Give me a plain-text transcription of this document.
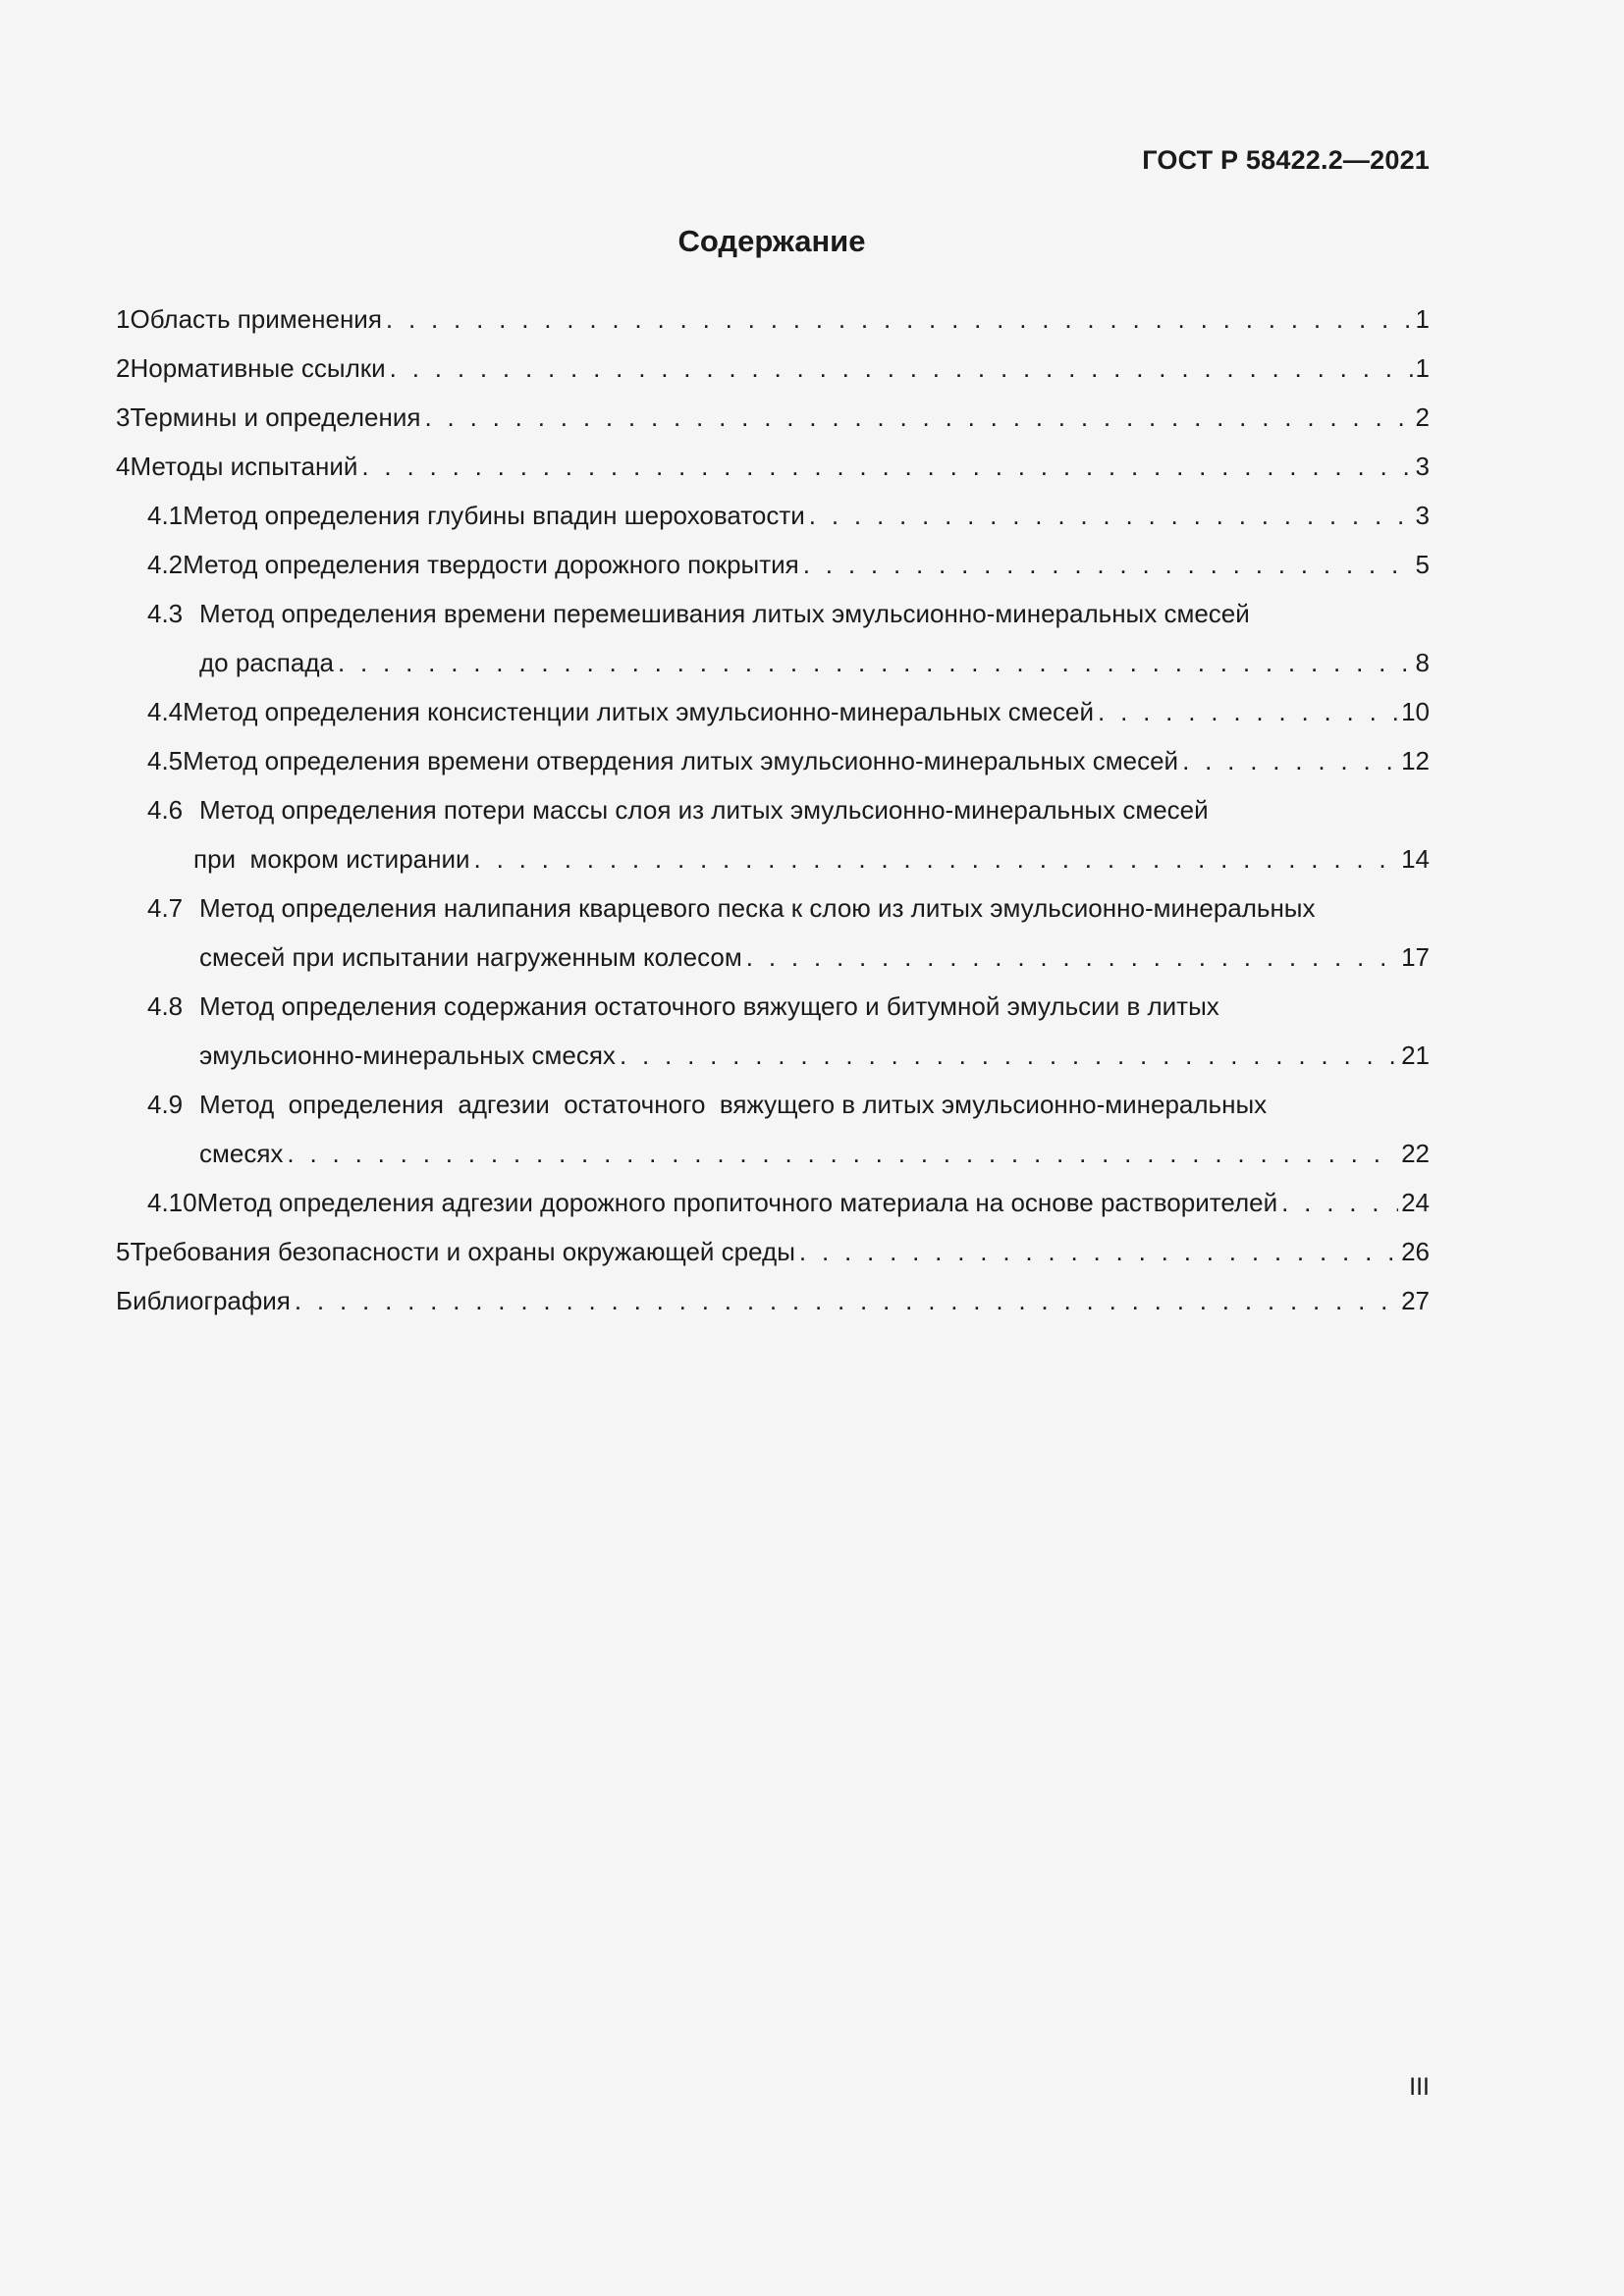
ГОСТ Р 58422.2—2021
Содержание
1 Область применения . . .	1
2 Нормативные ссылки . . .	1
3 Термины и определения . . .	2
4 Методы испытаний . . .	3
4.1 Метод определения глубины впадин шероховатости . . .	3
4.2 Метод определения твердости дорожного покрытия . . .	5
4.3 Метод определения времени перемешивания литых эмульсионно-минеральных смесей
до распада . . .	8
4.4 Метод определения консистенции литых эмульсионно-минеральных смесей . . .	10
4.5 Метод определения времени отвердения литых эмульсионно-минеральных смесей . . .	12
4.6 Метод определения потери массы слоя из литых эмульсионно-минеральных смесей
при  мокром истирании . . .	14
4.7 Метод определения налипания кварцевого песка к слою из литых эмульсионно-минеральных
смесей при испытании нагруженным колесом . . .	17
4.8 Метод определения содержания остаточного вяжущего и битумной эмульсии в литых
эмульсионно-минеральных смесях . . .	21
4.9 Метод  определения  адгезии  остаточного  вяжущего в литых эмульсионно-минеральных
смесях . . .	22
4.10 Метод определения адгезии дорожного пропиточного материала на основе растворителей . . .	24
5 Требования безопасности и охраны окружающей среды . . .	26
Библиография . . .	27
III
